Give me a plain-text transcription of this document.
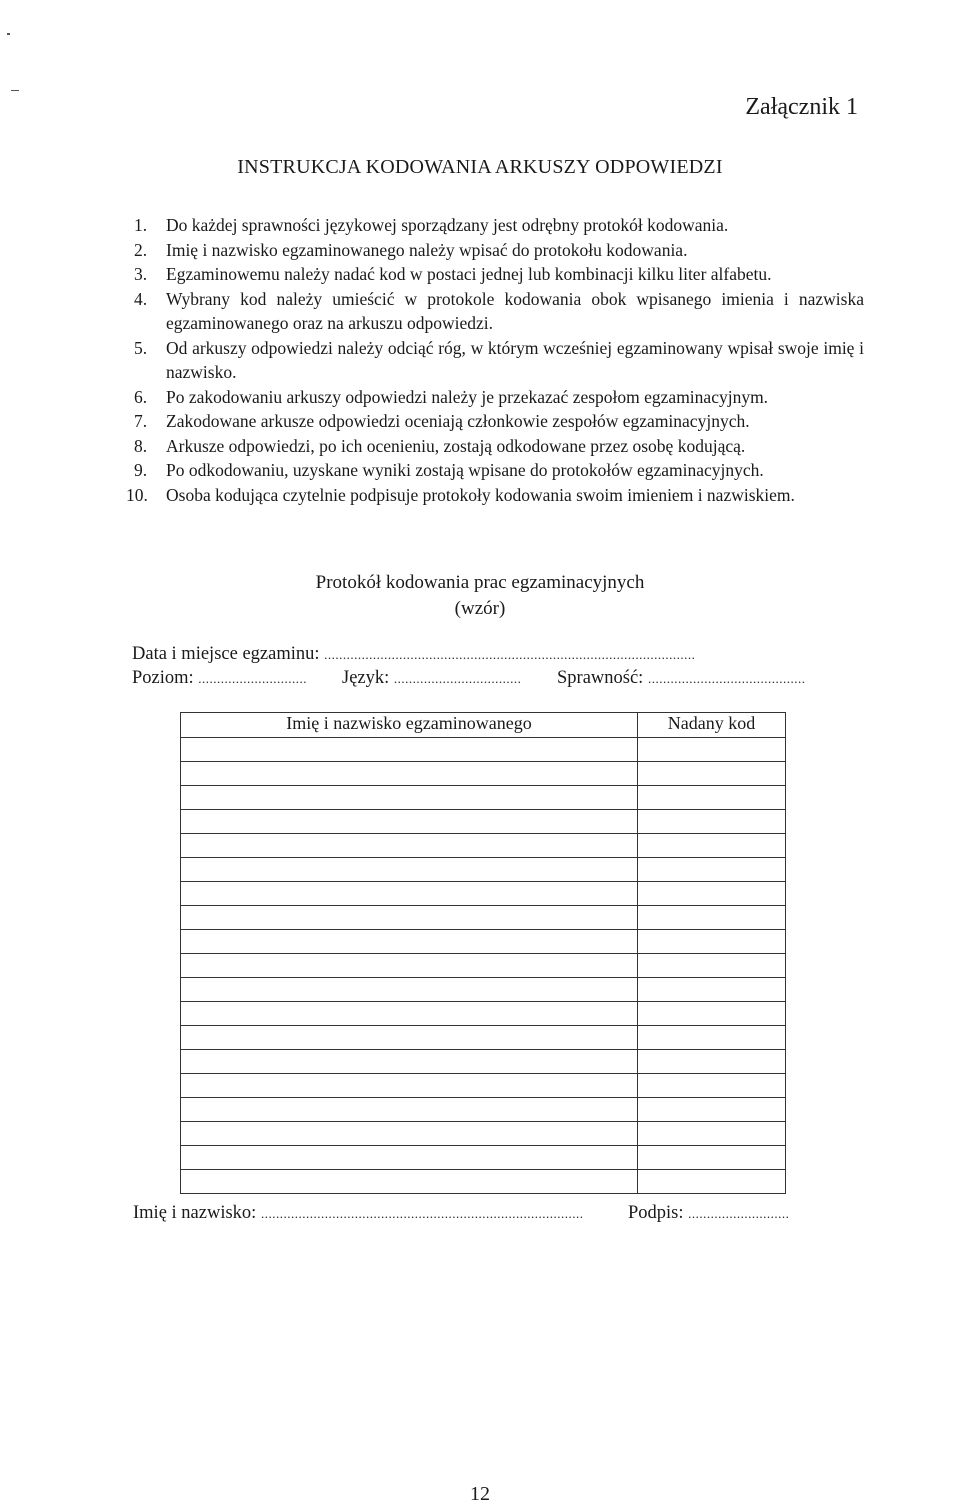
Załącznik 1
INSTRUKCJA KODOWANIA ARKUSZY ODPOWIEDZI
1. Do każdej sprawności językowej sporządzany jest odrębny protokół kodowania.
2. Imię i nazwisko egzaminowanego należy wpisać do protokołu kodowania.
3. Egzaminowemu należy nadać kod w postaci jednej lub kombinacji kilku liter alfabetu.
4. Wybrany kod należy umieścić w protokole kodowania obok wpisanego imienia i nazwiska egzaminowanego oraz na arkuszu odpowiedzi.
5. Od arkuszy odpowiedzi należy odciąć róg, w którym wcześniej egzaminowany wpisał swoje imię i nazwisko.
6. Po zakodowaniu arkuszy odpowiedzi należy je przekazać zespołom egzaminacyjnym.
7. Zakodowane arkusze odpowiedzi oceniają członkowie zespołów egzaminacyjnych.
8. Arkusze odpowiedzi, po ich ocenieniu, zostają odkodowane przez osobę kodującą.
9. Po odkodowaniu, uzyskane wyniki zostają wpisane do protokołów egzaminacyjnych.
10. Osoba kodująca czytelnie podpisuje protokoły kodowania swoim imieniem i nazwiskiem.
Protokół kodowania prac egzaminacyjnych
(wzór)
Data i miejsce egzaminu: ...................................................................................................
Poziom: ............................. Język: .................................. Sprawność: ..........................................
Imię i nazwisko egzaminowanego	Nadany kod

Imię i nazwisko: ...................................................................................... Podpis: ...........................
12
